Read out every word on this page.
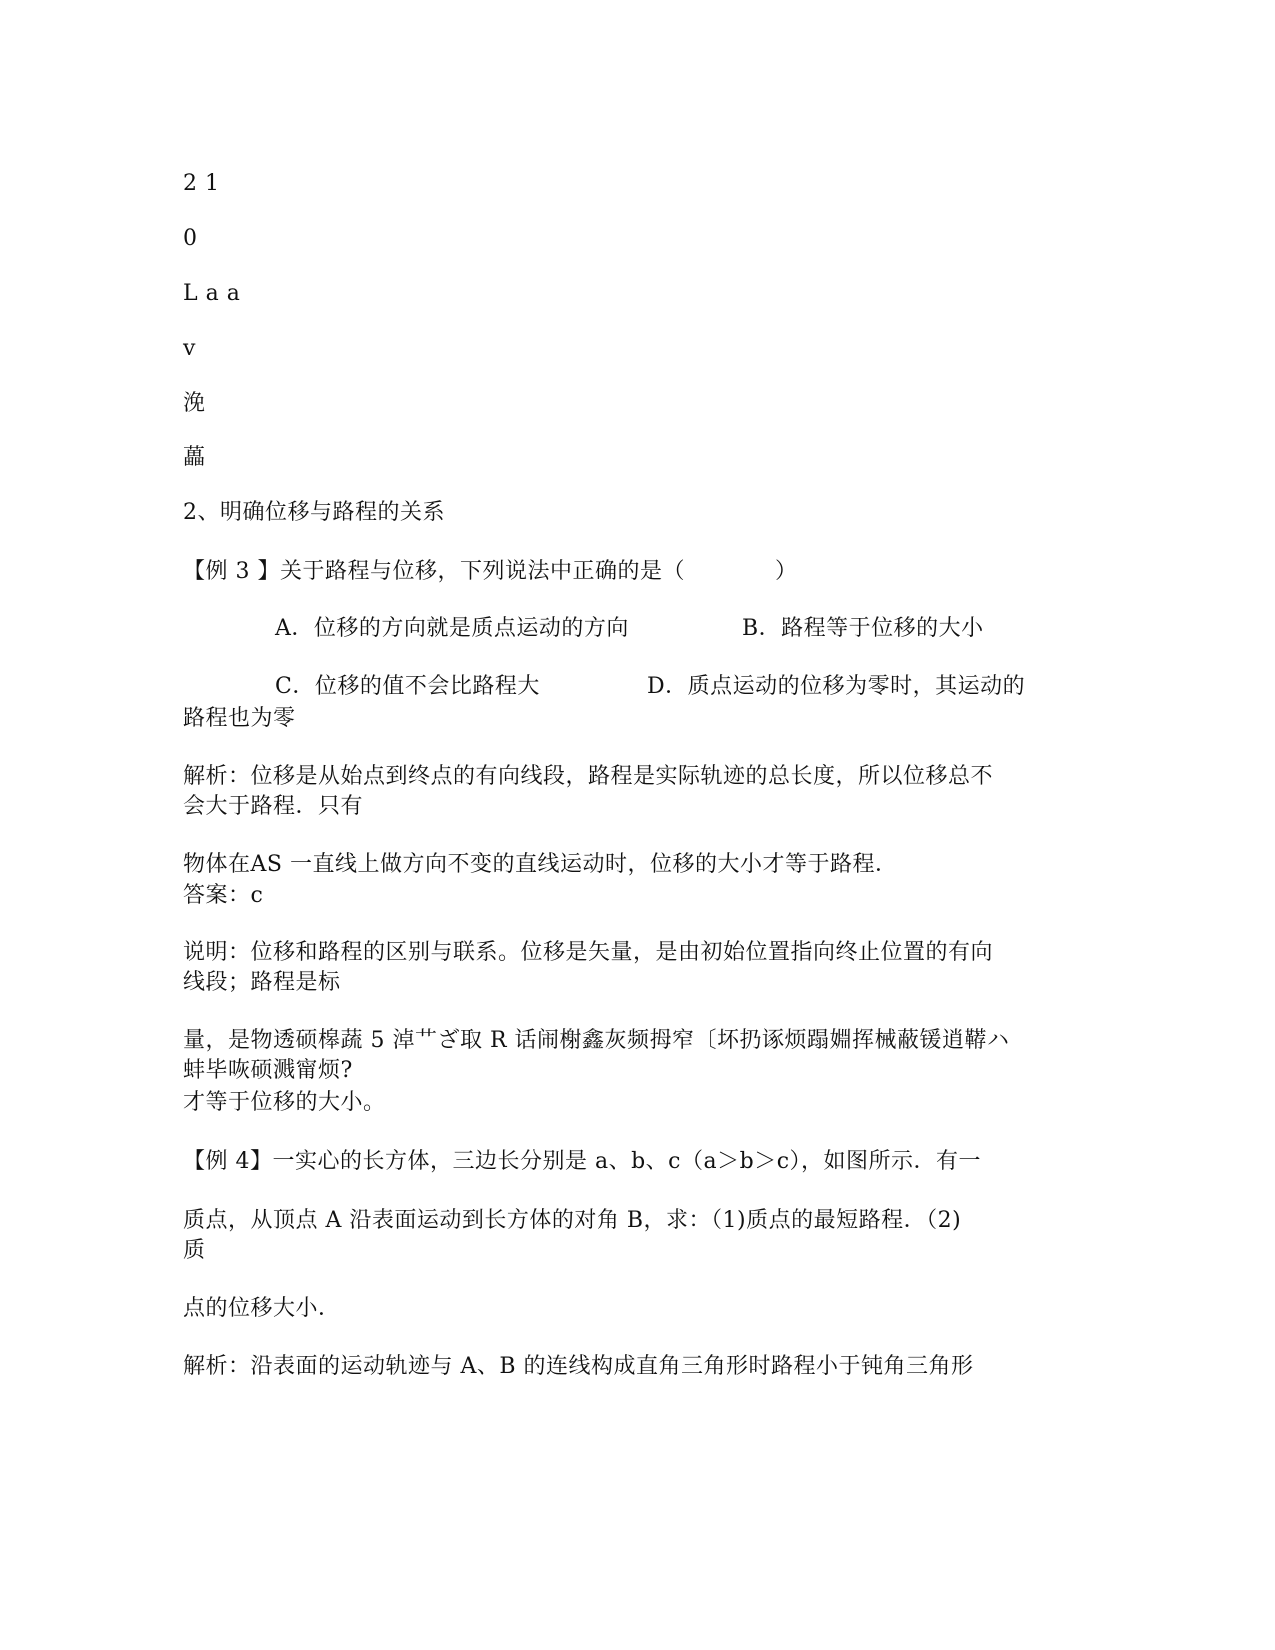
2 1
0
L a a
v
浼
藟
2、明确位移与路程的关系
【例 3 】关于路程与位移，下列说法中正确的是（　　　　）
A．位移的方向就是质点运动的方向	B．路程等于位移的大小
C．位移的值不会比路程大	D．质点运动的位移为零时，其运动的
路程也为零
解析：位移是从始点到终点的有向线段，路程是实际轨迹的总长度，所以位移总不
会大于路程．只有
物体在AS 一直线上做方向不变的直线运动时，位移的大小才等于路程．
答案：c
说明：位移和路程的区别与联系。位移是矢量，是由初始位置指向终止位置的有向
线段；路程是标
量，是物透硕槔蔬 5 淖艹ざ取 R 话闹榭鑫灰频拇窄〔坏扔诼烦蹋婣挥械蔽锾逍鞯ハ
蚌毕咴硕溅甯烦?
才等于位移的大小。
【例 4】一实心的长方体，三边长分别是 a、b、c（a＞b＞c），如图所示．有一
质点，从顶点 A 沿表面运动到长方体的对角 B，求：（1)质点的最短路程．（2)
质
点的位移大小．
解析：沿表面的运动轨迹与 A、B 的连线构成直角三角形时路程小于钝角三角形
